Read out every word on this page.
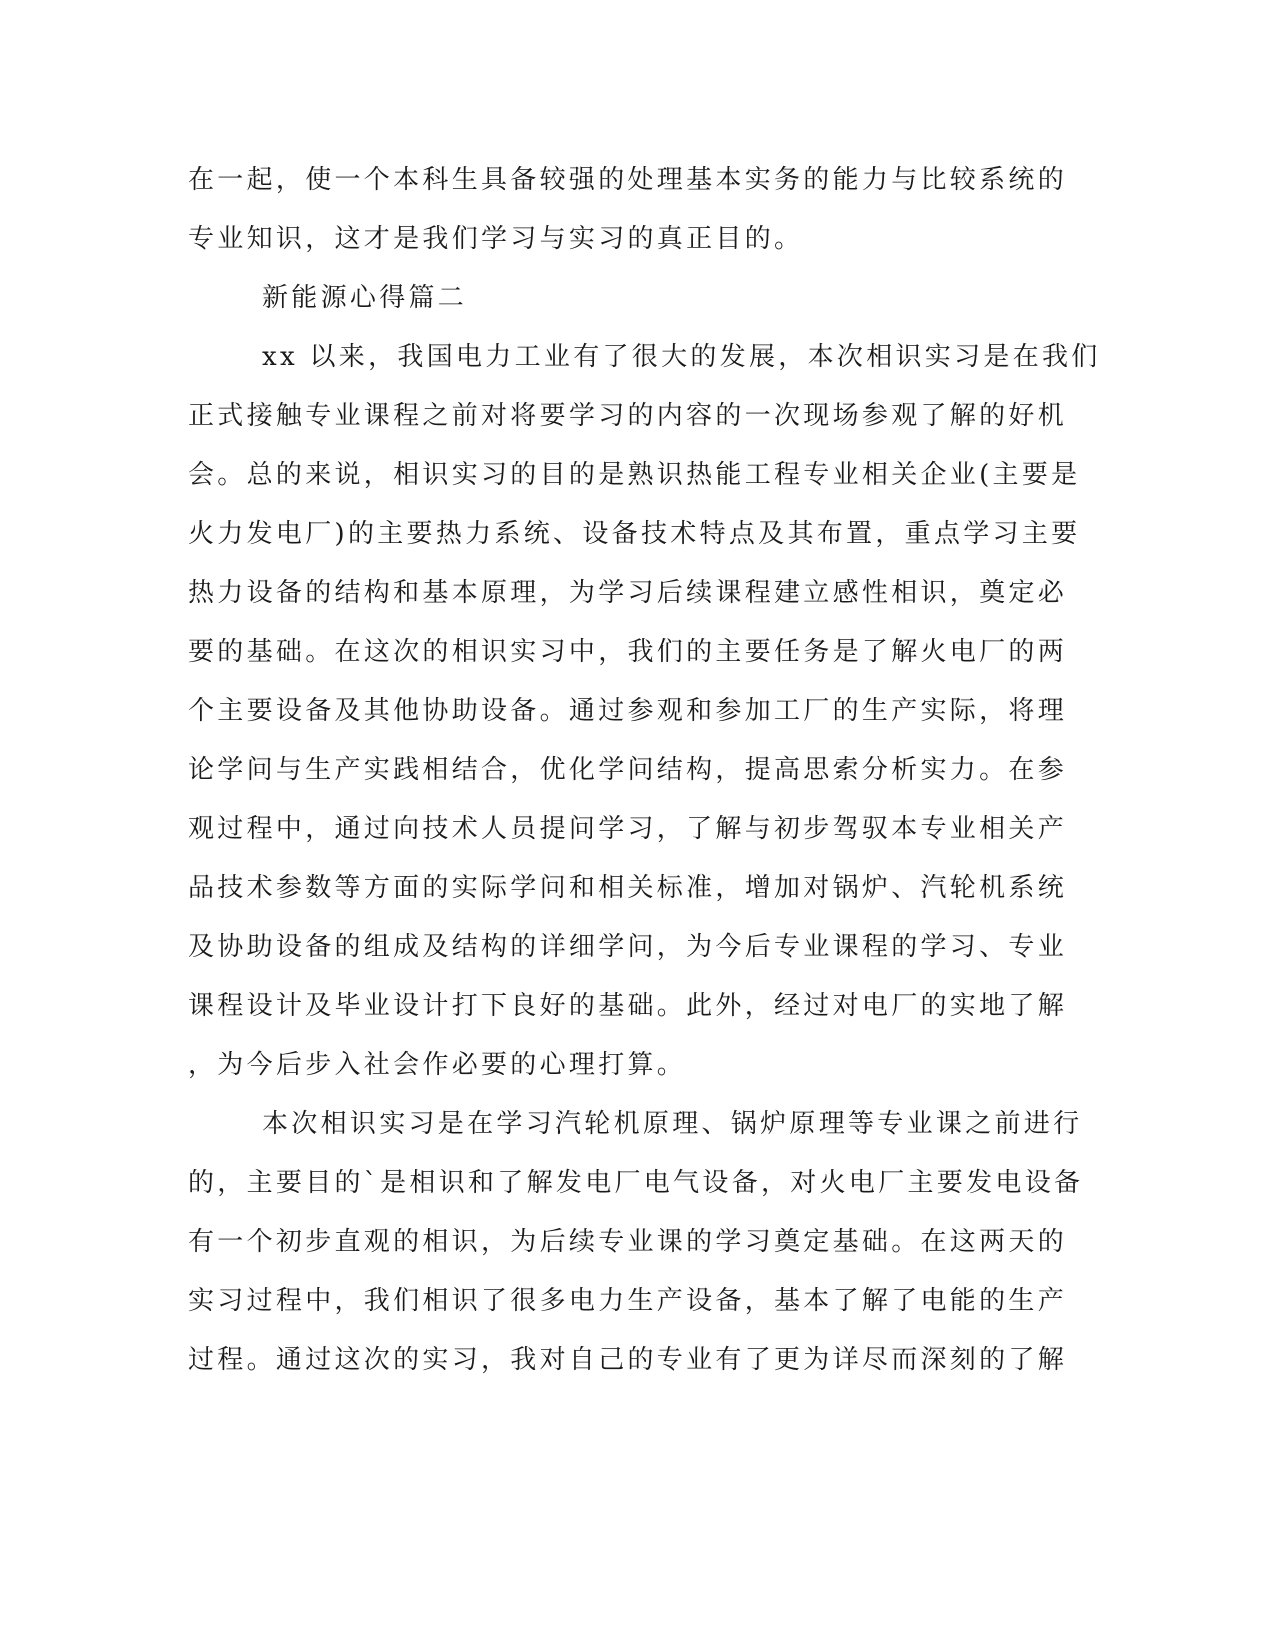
在一起，使一个本科生具备较强的处理基本实务的能力与比较系统的
专业知识，这才是我们学习与实习的真正目的。
新能源心得篇二
xx 以来，我国电力工业有了很大的发展，本次相识实习是在我们
正式接触专业课程之前对将要学习的内容的一次现场参观了解的好机
会。总的来说，相识实习的目的是熟识热能工程专业相关企业(主要是
火力发电厂)的主要热力系统、设备技术特点及其布置，重点学习主要
热力设备的结构和基本原理，为学习后续课程建立感性相识，奠定必
要的基础。在这次的相识实习中，我们的主要任务是了解火电厂的两
个主要设备及其他协助设备。通过参观和参加工厂的生产实际，将理
论学问与生产实践相结合，优化学问结构，提高思索分析实力。在参
观过程中，通过向技术人员提问学习，了解与初步驾驭本专业相关产
品技术参数等方面的实际学问和相关标准，增加对锅炉、汽轮机系统
及协助设备的组成及结构的详细学问，为今后专业课程的学习、专业
课程设计及毕业设计打下良好的基础。此外，经过对电厂的实地了解
，为今后步入社会作必要的心理打算。
本次相识实习是在学习汽轮机原理、锅炉原理等专业课之前进行
的，主要目的`是相识和了解发电厂电气设备，对火电厂主要发电设备
有一个初步直观的相识，为后续专业课的学习奠定基础。在这两天的
实习过程中，我们相识了很多电力生产设备，基本了解了电能的生产
过程。通过这次的实习，我对自己的专业有了更为详尽而深刻的了解
